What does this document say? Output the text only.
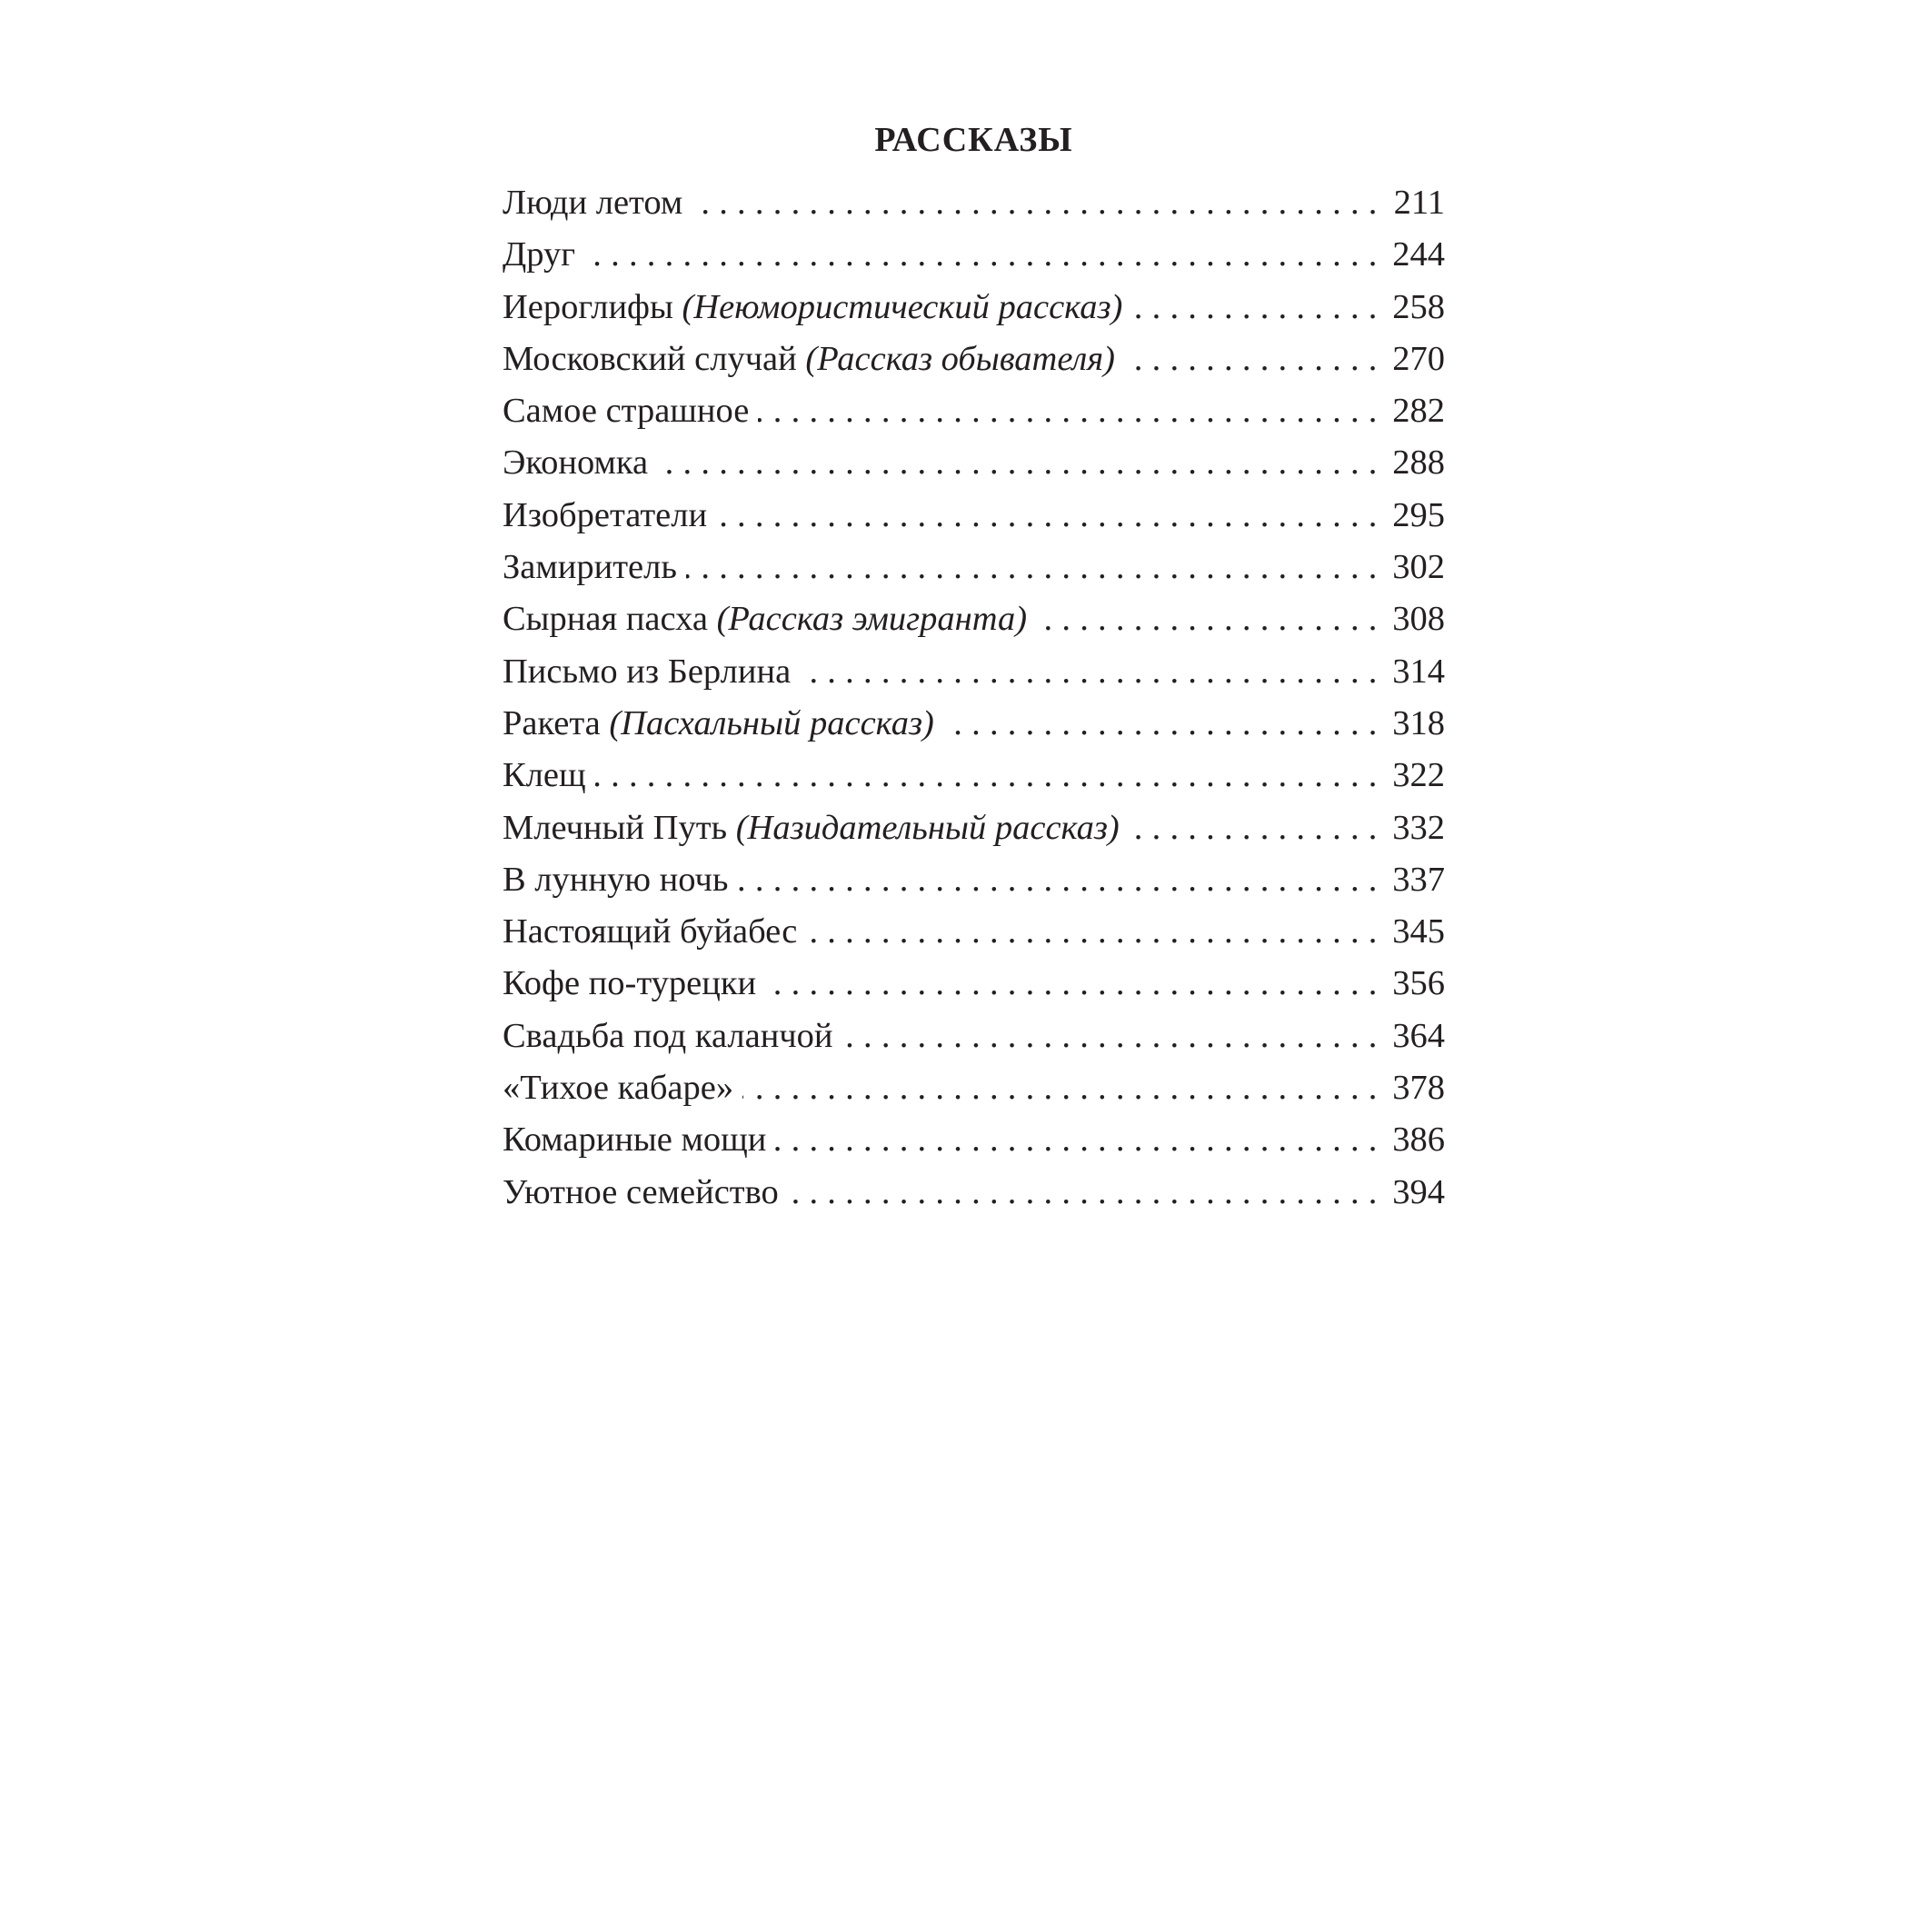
РАССКАЗЫ
Люди летом	211
. . .
Друг	244
. . .
Иероглифы (Неюмористический рассказ)	258
. . .
Московский случай (Рассказ обывателя)	270
. . .
Самое страшное	282
. . .
Экономка	288
. . .
Изобретатели	295
. . .
Замиритель	302
. . .
Сырная пасха (Рассказ эмигранта)	308
. . .
Письмо из Берлина	314
. . .
Ракета (Пасхальный рассказ)	318
. . .
Клещ	322
. . .
Млечный Путь (Назидательный рассказ)	332
. . .
В лунную ночь	337
. . .
Настоящий буйабес	345
. . .
Кофе по-турецки	356
. . .
Свадьба под каланчой	364
. . .
«Тихое кабаре»	378
. . .
Комариные мощи	386
. . .
Уютное семейство	394
. . .
